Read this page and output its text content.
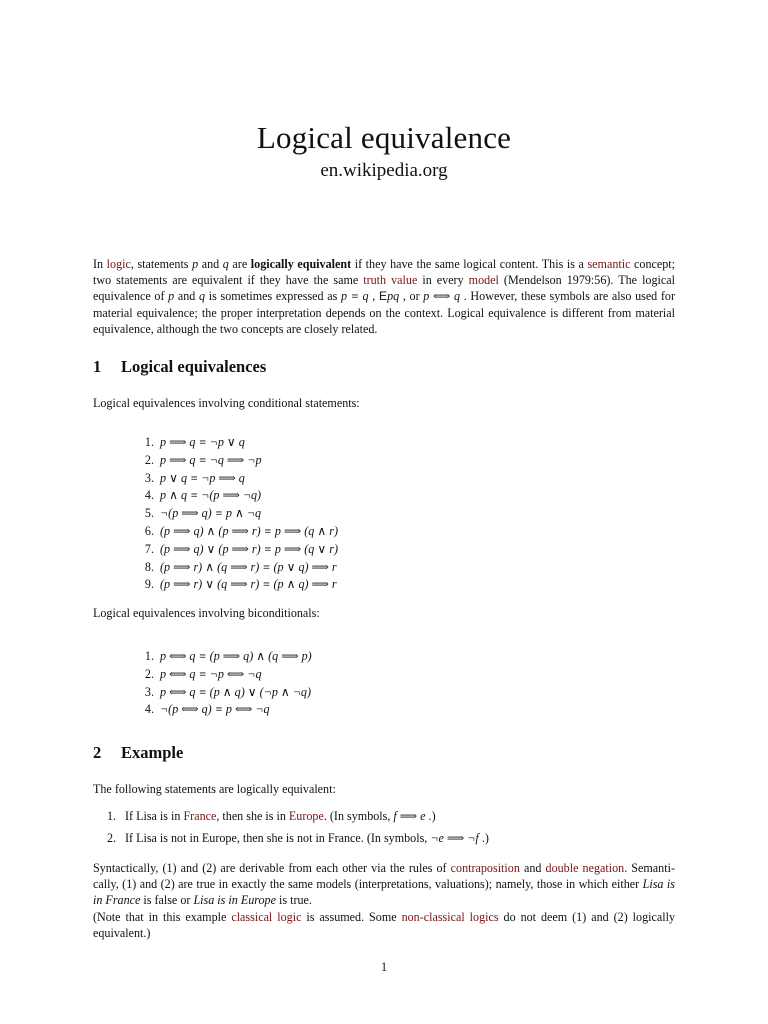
Logical equivalence
en.wikipedia.org
In logic, statements p and q are logically equivalent if they have the same logical content. This is a semantic concept; two statements are equivalent if they have the same truth value in every model (Mendelson 1979:56). The logical equivalence of p and q is sometimes expressed as p ≡ q , Epq , or p ⟺ q . However, these symbols are also used for material equivalence; the proper interpretation depends on the context. Logical equivalence is different from material equivalence, although the two concepts are closely related.
1 Logical equivalences
Logical equivalences involving conditional statements:
1. p ⟹ q ≡ ¬p ∨ q
2. p ⟹ q ≡ ¬q ⟹ ¬p
3. p ∨ q ≡ ¬p ⟹ q
4. p ∧ q ≡ ¬(p ⟹ ¬q)
5. ¬(p ⟹ q) ≡ p ∧ ¬q
6. (p ⟹ q) ∧ (p ⟹ r) ≡ p ⟹ (q ∧ r)
7. (p ⟹ q) ∨ (p ⟹ r) ≡ p ⟹ (q ∨ r)
8. (p ⟹ r) ∧ (q ⟹ r) ≡ (p ∨ q) ⟹ r
9. (p ⟹ r) ∨ (q ⟹ r) ≡ (p ∧ q) ⟹ r
Logical equivalences involving biconditionals:
1. p ⟺ q ≡ (p ⟹ q) ∧ (q ⟹ p)
2. p ⟺ q ≡ ¬p ⟺ ¬q
3. p ⟺ q ≡ (p ∧ q) ∨ (¬p ∧ ¬q)
4. ¬(p ⟺ q) ≡ p ⟺ ¬q
2 Example
The following statements are logically equivalent:
1. If Lisa is in France, then she is in Europe. (In symbols, f ⟹ e .)
2. If Lisa is not in Europe, then she is not in France. (In symbols, ¬e ⟹ ¬f .)
Syntactically, (1) and (2) are derivable from each other via the rules of contraposition and double negation. Semanti-cally, (1) and (2) are true in exactly the same models (interpretations, valuations); namely, those in which either Lisa is in France is false or Lisa is in Europe is true.
(Note that in this example classical logic is assumed. Some non-classical logics do not deem (1) and (2) logically equivalent.)
1
